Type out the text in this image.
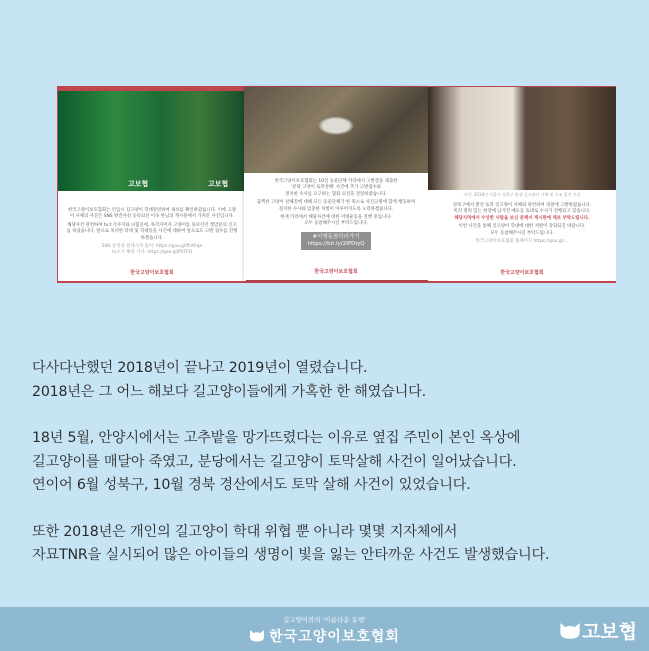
고보협	고보협

한국고양이보호협회는 인입시 길고양이 학대관련하여 제보를 확인하였습니다. 이에 고양이 사체의 사진은 SNS 발견사실 등록되신 이속 한님의 게시물에서 가져온 사진입니다.

해당사건 관련하여 tv소기사지와 나협신에, 목격자이자 고양이를 돌보신던 캣맘분의 신고를 하셨습니다. 앞으로 목격한 학대 및 학대동물 사건에 대하여 앞으로도 고발 접수를 진행하겠습니다.

SNS 동영상 원게시자 출처: https://goo.gl/fhXhqe
tv소기 해당 기사: https://goo.gl/P5TFD

한국고양이보호협회

한국고양이보호협회는 10일 동물단체 카라에서 고발장을 제출한
'분당 고양이 토막살해' 사건에 추가 고발접수와
철저한 수사를 요구하는 협회 의견을 전달하였습니다.

끔찍한 고양이 살해진에 대해 모든 동물단체가 한 목소로 사건규명에 함께 행동하며
철저한 수사와 엄중한 처벌이 이루어지도록 노력하겠습니다.

현재 카라에서 해당사건에 대한 서명운동을 진행 중입니다.
모두 동참해주시길 부탁드립니다.

#서명동참하러가기
https://bit.ly/2IPDlyQ
한국고양이보호협회
사진: 2018년 서울시 성북구 발생 길고양이 사체 및 구조 발견 사진

성북구에서 발견 토막 길고양이 사체와 관련하여 경찰에 고발하였습니다.
미리 열려 있는 현장에 남겨진 메모를 토대로 수사가 진행되고 있습니다.
해당지역에서 수상한 사람을 보신 분께서 게시판에 제보 부탁드립니다.

이번 사건을 통해 길고양이 학대에 대한 처벌이 강화되길 바랍니다.
모두 동참해주시길 부탁드립니다.

한국고양이보호협회 홈페이지 https://goo.gl/...

한국고양이보호협회
다사다난했던 2018년이 끝나고 2019년이 열렸습니다.
2018년은 그 어느 해보다 길고양이들에게 가혹한 한 해였습니다.
18년 5월, 안양시에서는 고추밭을 망가뜨렸다는 이유로 옆집 주민이 본인 옥상에
길고양이를 매달아 죽였고, 분당에서는 길고양이 토막살해 사건이 일어났습니다.
연이어 6월 성북구, 10월 경북 경산에서도 토막 살해 사건이 있었습니다.
또한 2018년은 개인의 길고양이 학대 위협 뿐 아니라 몇몇 지자체에서
자묘TNR을 실시되어 많은 아이들의 생명이 빛을 잃는 안타까운 사건도 발생했습니다.
길고양이와의 '아름다운 동행'
한국고양이보호협회	고보협
